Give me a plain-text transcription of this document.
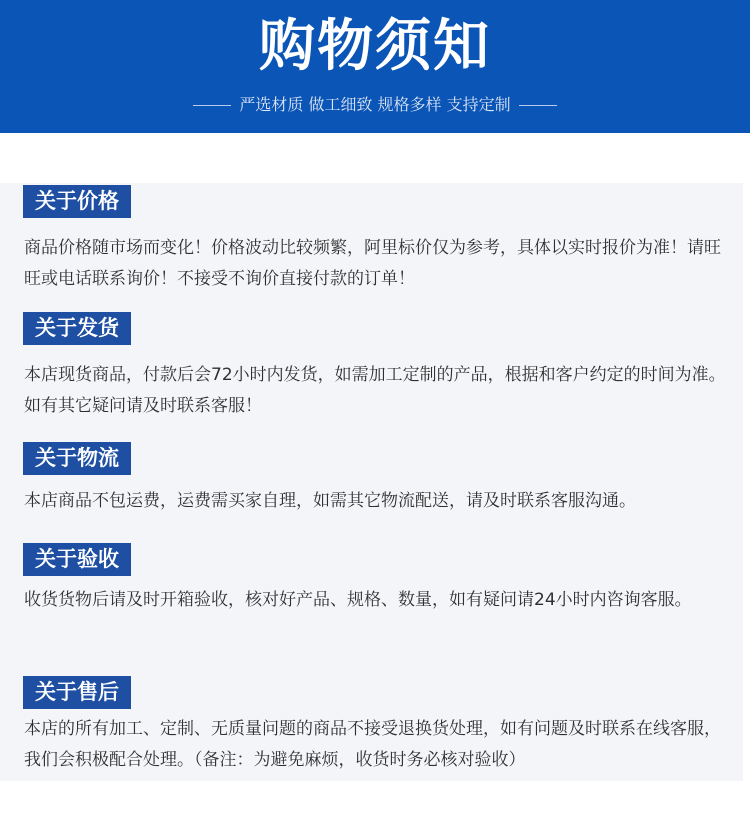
购物须知
严选材质 做工细致 规格多样 支持定制
关于价格
商品价格随市场而变化！价格波动比较频繁，阿里标价仅为参考，具体以实时报价为准！请旺旺或电话联系询价！不接受不询价直接付款的订单！
关于发货
本店现货商品，付款后会72小时内发货，如需加工定制的产品，根据和客户约定的时间为准。如有其它疑问请及时联系客服！
关于物流
本店商品不包运费，运费需买家自理，如需其它物流配送，请及时联系客服沟通。
关于验收
收货货物后请及时开箱验收，核对好产品、规格、数量，如有疑问请24小时内咨询客服。
关于售后
本店的所有加工、定制、无质量问题的商品不接受退换货处理，如有问题及时联系在线客服，我们会积极配合处理。（备注：为避免麻烦，收货时务必核对验收）
